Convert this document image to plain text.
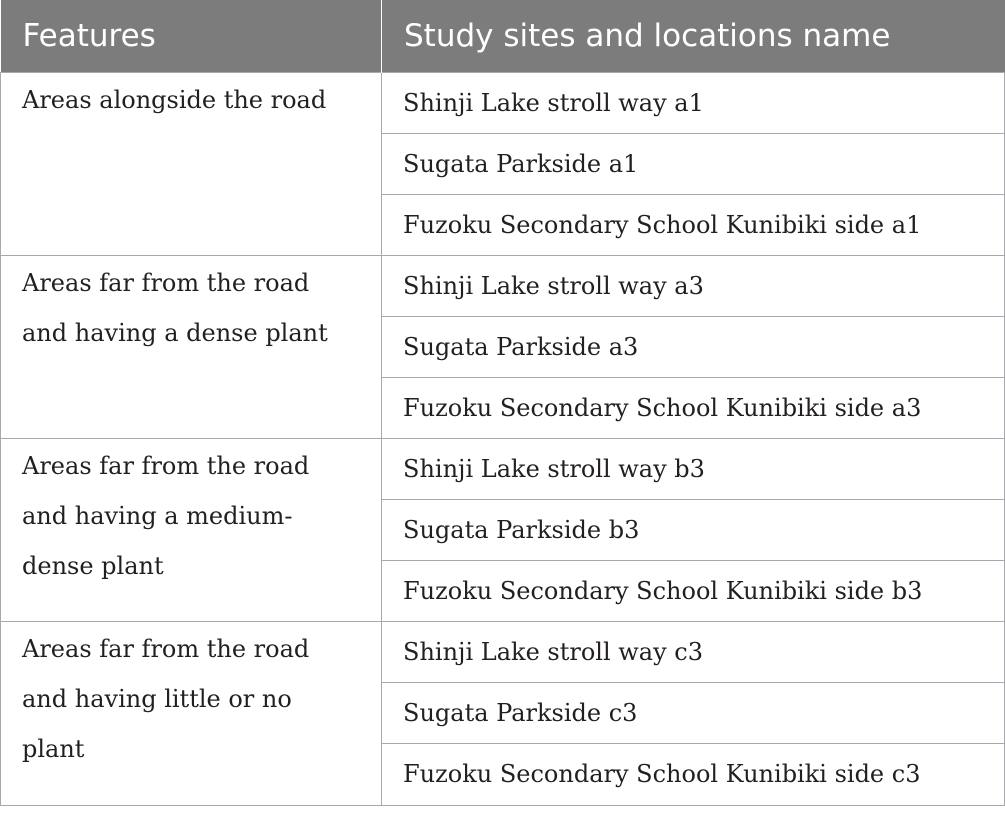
Features	Study sites and locations name

Areas alongside the road	Shinji Lake stroll way a1
	Sugata Parkside a1
	Fuzoku Secondary School Kunibiki side a1

Areas far from the road and having a dense plant	Shinji Lake stroll way a3
	Sugata Parkside a3
	Fuzoku Secondary School Kunibiki side a3

Areas far from the road and having a medium-dense plant	Shinji Lake stroll way b3
	Sugata Parkside b3
	Fuzoku Secondary School Kunibiki side b3

Areas far from the road and having little or no plant	Shinji Lake stroll way c3
	Sugata Parkside c3
	Fuzoku Secondary School Kunibiki side c3
